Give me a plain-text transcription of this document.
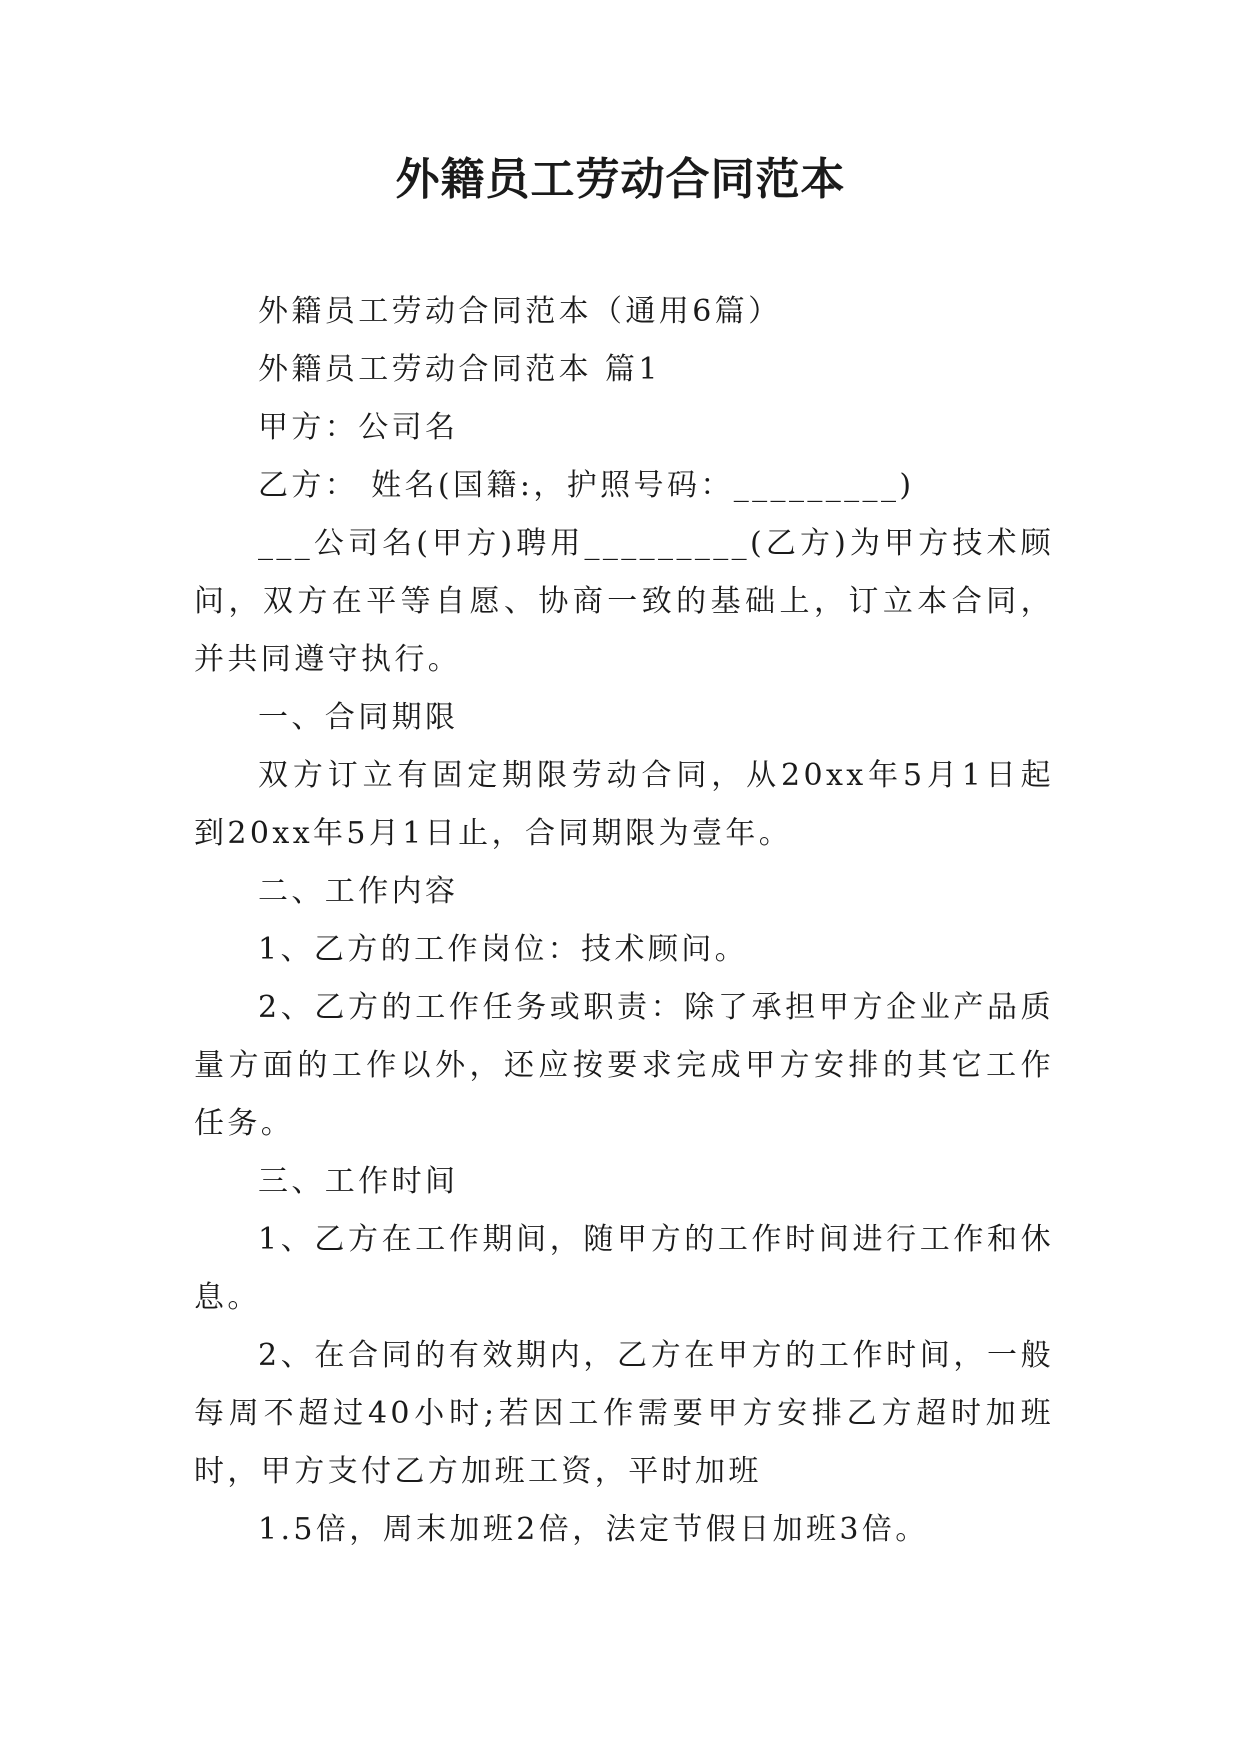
外籍员工劳动合同范本

外籍员工劳动合同范本（通用6篇）

外籍员工劳动合同范本 篇1

甲方：公司名

乙方： 姓名(国籍:，护照号码：_________)

___公司名(甲方)聘用_________(乙方)为甲方技术顾问，双方在平等自愿、协商一致的基础上，订立本合同，并共同遵守执行。

一、合同期限

双方订立有固定期限劳动合同，从20xx年5月1日起到20xx年5月1日止，合同期限为壹年。

二、工作内容

1、乙方的工作岗位：技术顾问。

2、乙方的工作任务或职责：除了承担甲方企业产品质量方面的工作以外，还应按要求完成甲方安排的其它工作任务。

三、工作时间

1、乙方在工作期间，随甲方的工作时间进行工作和休息。

2、在合同的有效期内，乙方在甲方的工作时间，一般每周不超过40小时;若因工作需要甲方安排乙方超时加班时，甲方支付乙方加班工资，平时加班

1.5倍，周末加班2倍，法定节假日加班3倍。
